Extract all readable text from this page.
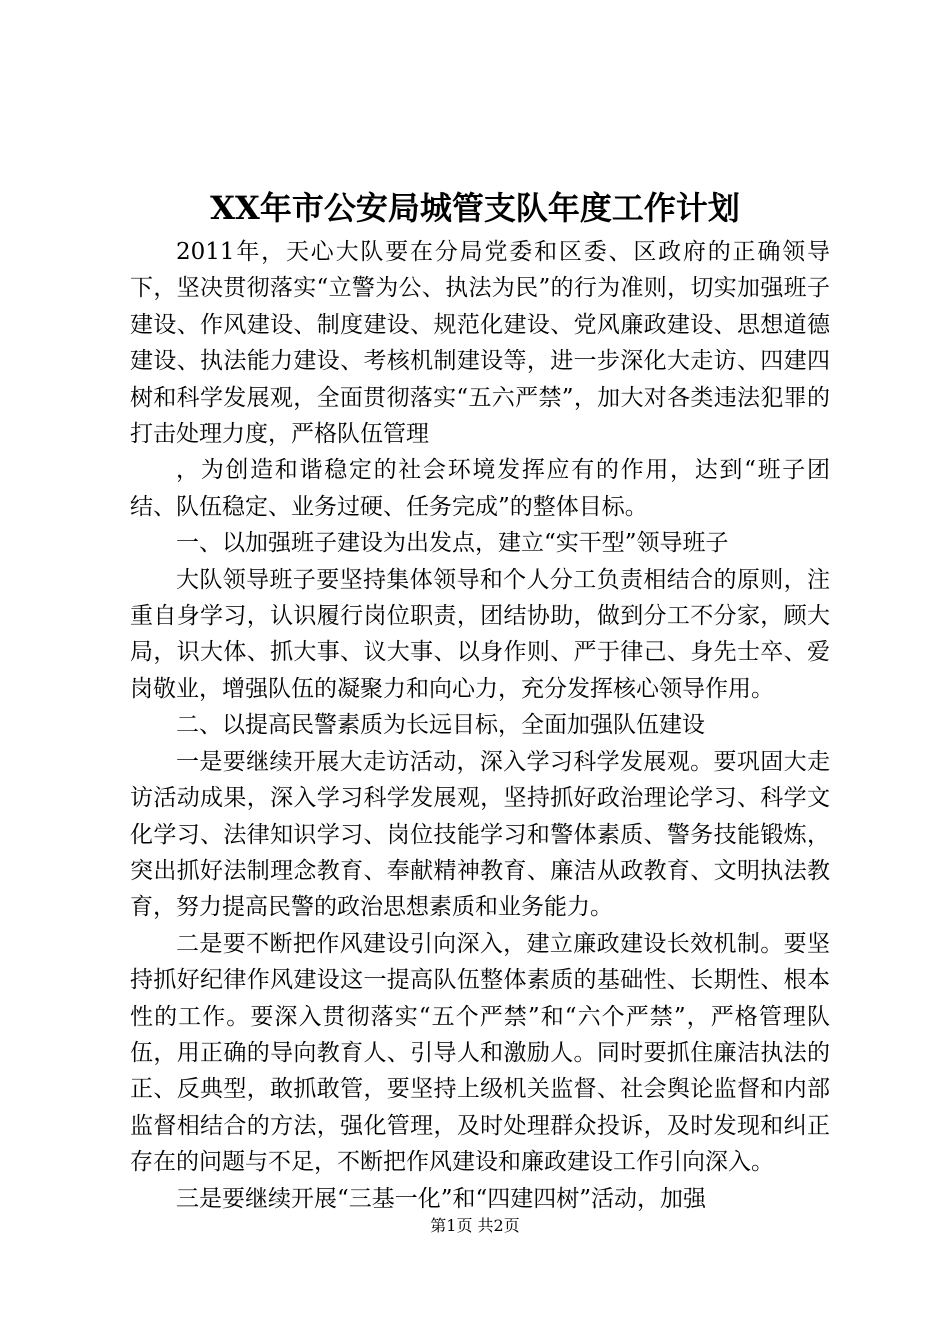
XX年市公安局城管支队年度工作计划

2011年，天心大队要在分局党委和区委、区政府的正确领导下，坚决贯彻落实“立警为公、执法为民”的行为准则，切实加强班子建设、作风建设、制度建设、规范化建设、党风廉政建设、思想道德建设、执法能力建设、考核机制建设等，进一步深化大走访、四建四树和科学发展观，全面贯彻落实“五六严禁”，加大对各类违法犯罪的打击处理力度，严格队伍管理

，为创造和谐稳定的社会环境发挥应有的作用，达到“班子团结、队伍稳定、业务过硬、任务完成”的整体目标。

一、以加强班子建设为出发点，建立“实干型”领导班子

大队领导班子要坚持集体领导和个人分工负责相结合的原则，注重自身学习，认识履行岗位职责，团结协助，做到分工不分家，顾大局，识大体、抓大事、议大事、以身作则、严于律己、身先士卒、爱岗敬业，增强队伍的凝聚力和向心力，充分发挥核心领导作用。

二、以提高民警素质为长远目标，全面加强队伍建设

一是要继续开展大走访活动，深入学习科学发展观。要巩固大走访活动成果，深入学习科学发展观，坚持抓好政治理论学习、科学文化学习、法律知识学习、岗位技能学习和警体素质、警务技能锻炼，突出抓好法制理念教育、奉献精神教育、廉洁从政教育、文明执法教育，努力提高民警的政治思想素质和业务能力。

二是要不断把作风建设引向深入，建立廉政建设长效机制。要坚持抓好纪律作风建设这一提高队伍整体素质的基础性、长期性、根本性的工作。要深入贯彻落实“五个严禁”和“六个严禁”，严格管理队伍，用正确的导向教育人、引导人和激励人。同时要抓住廉洁执法的正、反典型，敢抓敢管，要坚持上级机关监督、社会舆论监督和内部监督相结合的方法，强化管理，及时处理群众投诉，及时发现和纠正存在的问题与不足，不断把作风建设和廉政建设工作引向深入。

三是要继续开展“三基一化”和“四建四树”活动，加强

第1页 共2页
